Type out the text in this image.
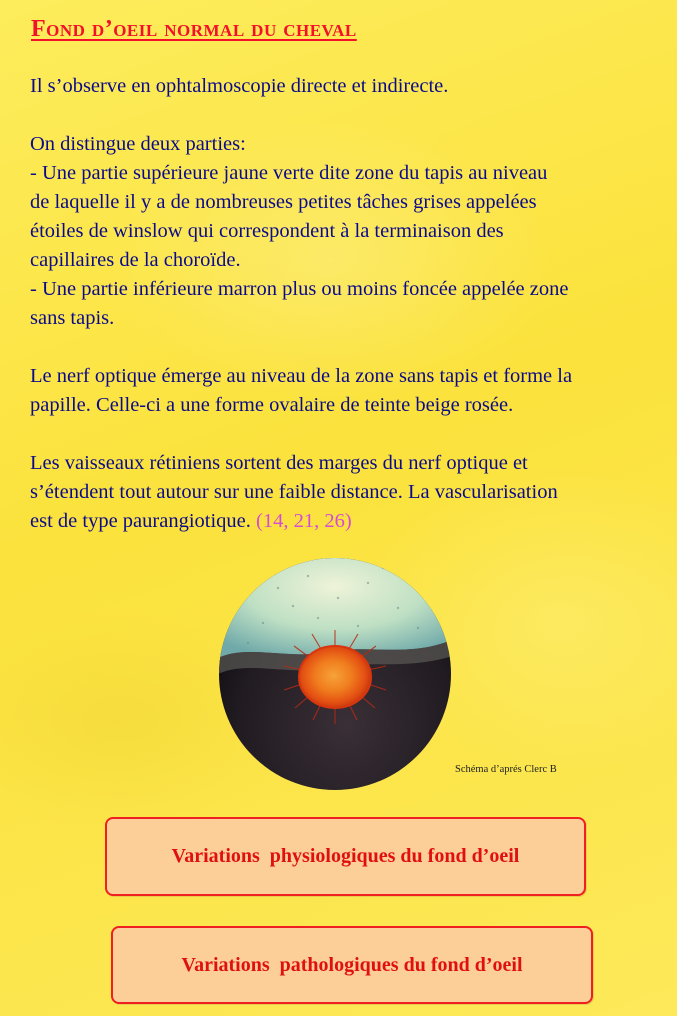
Fond d’oeil normal du cheval

Il s’observe en ophtalmoscopie directe et indirecte.

On distingue deux parties:

- Une partie supérieure jaune verte dite zone du tapis au niveau

de laquelle il y a de nombreuses petites tâches grises appelées

étoiles de winslow qui correspondent à la terminaison des

capillaires de la choroïde.

- Une partie inférieure marron plus ou moins foncée appelée zone

sans tapis.

Le nerf optique émerge au niveau de la zone sans tapis et forme la

papille. Celle-ci a une forme ovalaire de teinte beige rosée.

Les vaisseaux rétiniens sortent des marges du nerf optique et

s’étendent tout autour sur une faible distance. La vascularisation

est de type paurangiotique. (14, 21, 26)

Schéma d’aprés Clerc B
Variations  physiologiques du fond d’oeil
Variations  pathologiques du fond d’oeil
